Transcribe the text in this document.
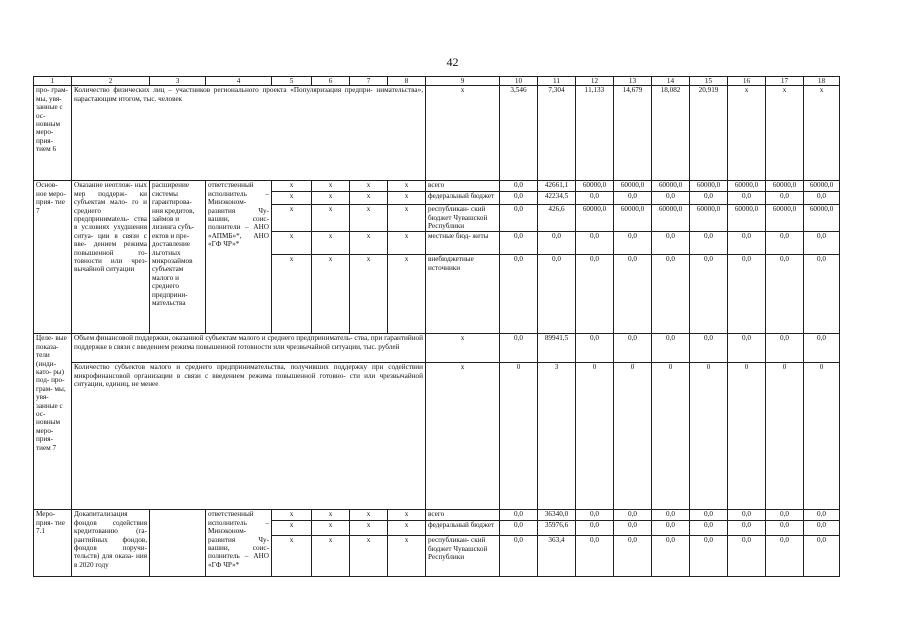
42
1	2	3	4	5	6	7	8	9	10	11	12	13	14	15	16	17	18
про- грам- мы, увя- занные с ос- новным меро- прия- тием 6	Количество физических лиц – участников регионального проекта «Популяризация предпри- нимательства», нарастающим итогом, тыс. человек							x	3,546	7,304	11,133	14,679	18,082	20,919	x	x	x
Основ- ное меро- прия- тие 7	Оказание неотлож- ных мер поддерж- ки субъектам мало- го и среднего предпринимatель- ства в условиях ухудшения ситуа- ции в связи с вве- дением режима повышенной го- товности или чрез- вычайной ситуации	расширение системы гарантирова- ния кредитов, займов и лизинга субъ- ектов и пре- доставление льготных микрозаймов субъектам малого и среднего предприни- мательства	ответственный исполнитель – Минэконом- развития Чу- вашии, соис- полнители – АНО «АПМБ»*, АНО «ГФ ЧР»*	x	x	x	x	всего	0,0	42661,1	60000,0	60000,0	60000,0	60000,0	60000,0	60000,0	60000,0
				x	x	x	x	федеральный бюджет	0,0	42234,5	0,0	0,0	0,0	0,0	0,0	0,0	0,0
				x	x	x	x	республикан- ский бюджет Чувашской Республики	0,0	426,6	60000,0	60000,0	60000,0	60000,0	60000,0	60000,0	60000,0
				x	x	x	x	местные бюд- жеты	0,0	0,0	0,0	0,0	0,0	0,0	0,0	0,0	0,0
				x	x	x	x	внебюджетные источники	0,0	0,0	0,0	0,0	0,0	0,0	0,0	0,0	0,0
Целе- вые показа- тели (инди- като- ры) под- про- грам- мы, увя- занные с ос- новным меро- прия- тием 7	Объем финансовой поддержки, оказанной субъектам малого и среднего предприниматель- ства, при гарантийной поддержке в связи с введением режима повышенной готовности или чрезвычайной ситуации, тыс. рублей							x	0,0	89941,5	0,0	0,0	0,0	0,0	0,0	0,0	0,0
	Количество субъектов малого и среднего предпринимательства, получивших поддержку при содействии микрофинансовой организации в связи с введением режима повышенной готовно- сти или чрезвычайной ситуации, единиц, не менее							x	0	3	0	0	0	0	0	0	0
Меро- прия- тие 7.1	Докапитализация фондов содействия кредитованию (га- рантийных фондов, фондов поручи- тельств) для оказа- ния в 2020 году		ответственный исполнитель – Минэконом- развития Чу- вашии, соис- полнитель – АНО «ГФ ЧР»*	x	x	x	x	всего	0,0	36340,0	0,0	0,0	0,0	0,0	0,0	0,0	0,0
				x	x	x	x	федеральный бюджет	0,0	35976,6	0,0	0,0	0,0	0,0	0,0	0,0	0,0
				x	x	x	x	республикан- ский бюджет Чувашской Республики	0,0	363,4	0,0	0,0	0,0	0,0	0,0	0,0	0,0
